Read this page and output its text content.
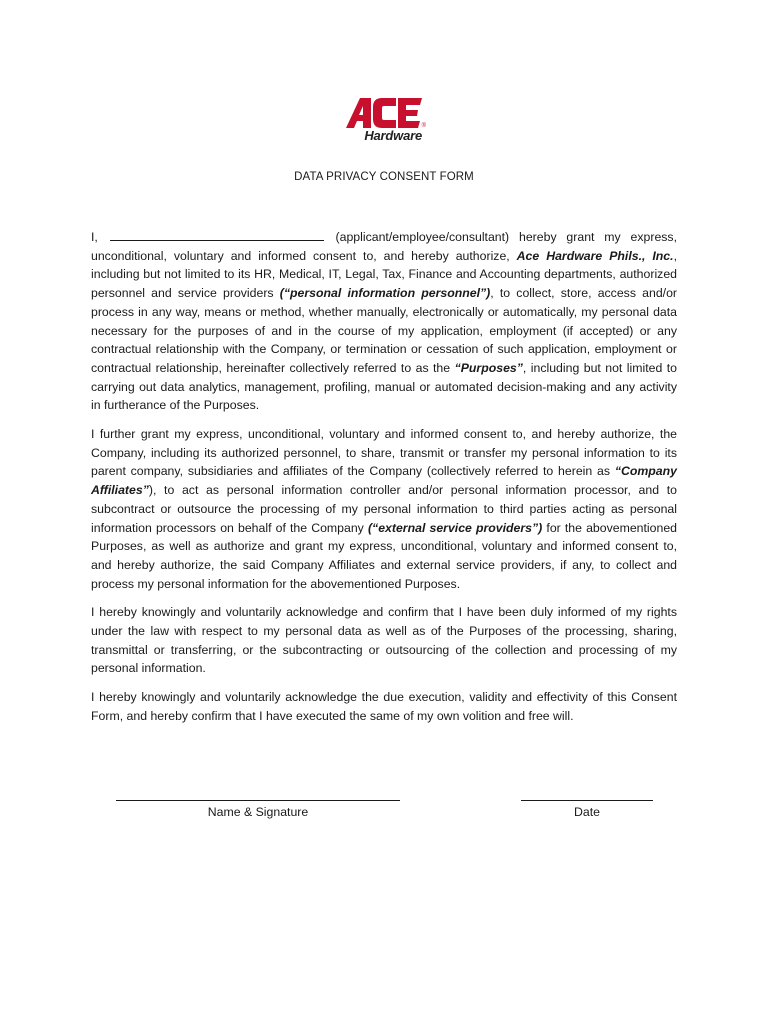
®
Hardware
DATA PRIVACY CONSENT FORM

I,	(applicant/employee/consultant) hereby grant my express, unconditional, voluntary and informed consent to, and hereby authorize, Ace Hardware Phils., Inc., including but not limited to its HR, Medical, IT, Legal, Tax, Finance and Accounting departments, authorized personnel and service providers (“personal information personnel”), to collect, store, access and/or process in any way, means or method, whether manually, electronically or automatically, my personal data necessary for the purposes of and in the course of my application, employment (if accepted) or any contractual relationship with the Company, or termination or cessation of such application, employment or contractual relationship, hereinafter collectively referred to as the “Purposes”, including but not limited to carrying out data analytics, management, profiling, manual or automated decision-making and any activity in furtherance of the Purposes.

I further grant my express, unconditional, voluntary and informed consent to, and hereby authorize, the Company, including its authorized personnel, to share, transmit or transfer my personal information to its parent company, subsidiaries and affiliates of the Company (collectively referred to herein as “Company Affiliates”), to act as personal information controller and/or personal information processor, and to subcontract or outsource the processing of my personal information to third parties acting as personal information processors on behalf of the Company (“external service providers”) for the abovementioned Purposes, as well as authorize and grant my express, unconditional, voluntary and informed consent to, and hereby authorize, the said Company Affiliates and external service providers, if any, to collect and process my personal information for the abovementioned Purposes.

I hereby knowingly and voluntarily acknowledge and confirm that I have been duly informed of my rights under the law with respect to my personal data as well as of the Purposes of the processing, sharing, transmittal or transferring, or the subcontracting or outsourcing of the collection and processing of my personal information.

I hereby knowingly and voluntarily acknowledge the due execution, validity and effectivity of this Consent Form, and hereby confirm that I have executed the same of my own volition and free will.

Name & Signature	Date
